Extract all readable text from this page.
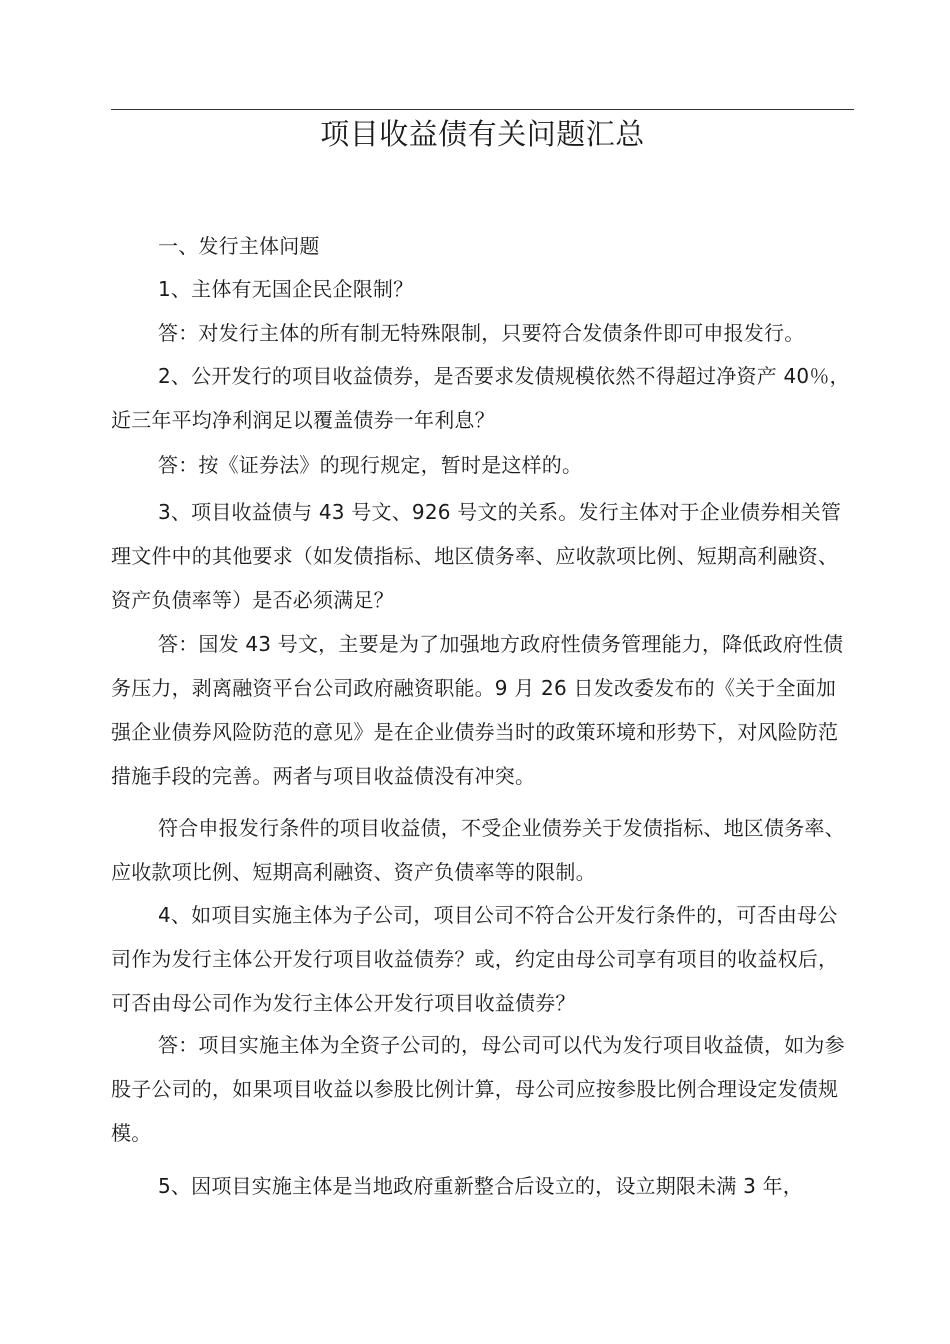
项目收益债有关问题汇总

一、发行主体问题

1、主体有无国企民企限制？

答：对发行主体的所有制无特殊限制，只要符合发债条件即可申报发行。

2、公开发行的项目收益债券，是否要求发债规模依然不得超过净资产 40％，近三年平均净利润足以覆盖债券一年利息？

答：按《证券法》的现行规定，暂时是这样的。

3、项目收益债与 43 号文、926 号文的关系。发行主体对于企业债券相关管理文件中的其他要求（如发债指标、地区债务率、应收款项比例、短期高利融资、资产负债率等）是否必须满足？

答：国发 43 号文，主要是为了加强地方政府性债务管理能力，降低政府性债务压力，剥离融资平台公司政府融资职能。9 月 26 日发改委发布的《关于全面加强企业债券风险防范的意见》是在企业债券当时的政策环境和形势下，对风险防范措施手段的完善。两者与项目收益债没有冲突。

符合申报发行条件的项目收益债，不受企业债券关于发债指标、地区债务率、应收款项比例、短期高利融资、资产负债率等的限制。

4、如项目实施主体为子公司，项目公司不符合公开发行条件的，可否由母公司作为发行主体公开发行项目收益债券？或，约定由母公司享有项目的收益权后，可否由母公司作为发行主体公开发行项目收益债券？

答：项目实施主体为全资子公司的，母公司可以代为发行项目收益债，如为参股子公司的，如果项目收益以参股比例计算，母公司应按参股比例合理设定发债规模。

5、因项目实施主体是当地政府重新整合后设立的，设立期限未满 3 年，
